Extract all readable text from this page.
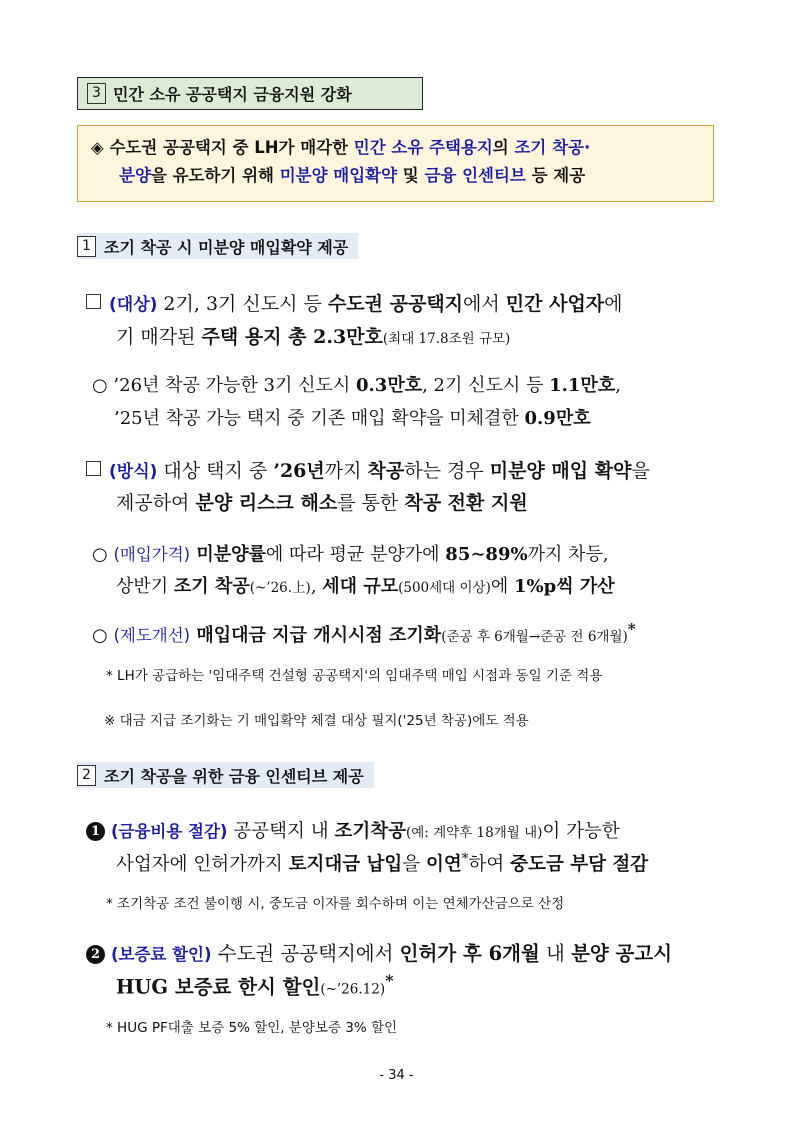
3 민간 소유 공공택지 금융지원 강화
◈ 수도권 공공택지 중 LH가 매각한 민간 소유 주택용지의 조기 착공·
분양을 유도하기 위해 미분양 매입확약 및 금융 인센티브 등 제공
1 조기 착공 시 미분양 매입확약 제공
(대상) 2기, 3기 신도시 등 수도권 공공택지에서 민간 사업자에
기 매각된 주택 용지 총 2.3만호(최대 17.8조원 규모)
○ ’26년 착공 가능한 3기 신도시 0.3만호, 2기 신도시 등 1.1만호,
’25년 착공 가능 택지 중 기존 매입 확약을 미체결한 0.9만호
(방식) 대상 택지 중 ’26년까지 착공하는 경우 미분양 매입 확약을
제공하여 분양 리스크 해소를 통한 착공 전환 지원
○ (매입가격) 미분양률에 따라 평균 분양가에 85∼89%까지 차등,
상반기 조기 착공(~’26.上), 세대 규모(500세대 이상)에 1%p씩 가산
○ (제도개선) 매입대금 지급 개시시점 조기화(준공 후 6개월→준공 전 6개월)*
* LH가 공급하는 '임대주택 건설형 공공택지'의 임대주택 매입 시점과 동일 기준 적용
※ 대금 지급 조기화는 기 매입확약 체결 대상 필지('25년 착공)에도 적용
2 조기 착공을 위한 금융 인센티브 제공
1 (금융비용 절감) 공공택지 내 조기착공(예: 계약후 18개월 내)이 가능한
사업자에 인허가까지 토지대금 납입을 이연*하여 중도금 부담 절감
* 조기착공 조건 불이행 시, 중도금 이자를 회수하며 이는 연체가산금으로 산정
2 (보증료 할인) 수도권 공공택지에서 인허가 후 6개월 내 분양 공고시
HUG 보증료 한시 할인(~’26.12)*
* HUG PF대출 보증 5% 할인, 분양보증 3% 할인
- 34 -
